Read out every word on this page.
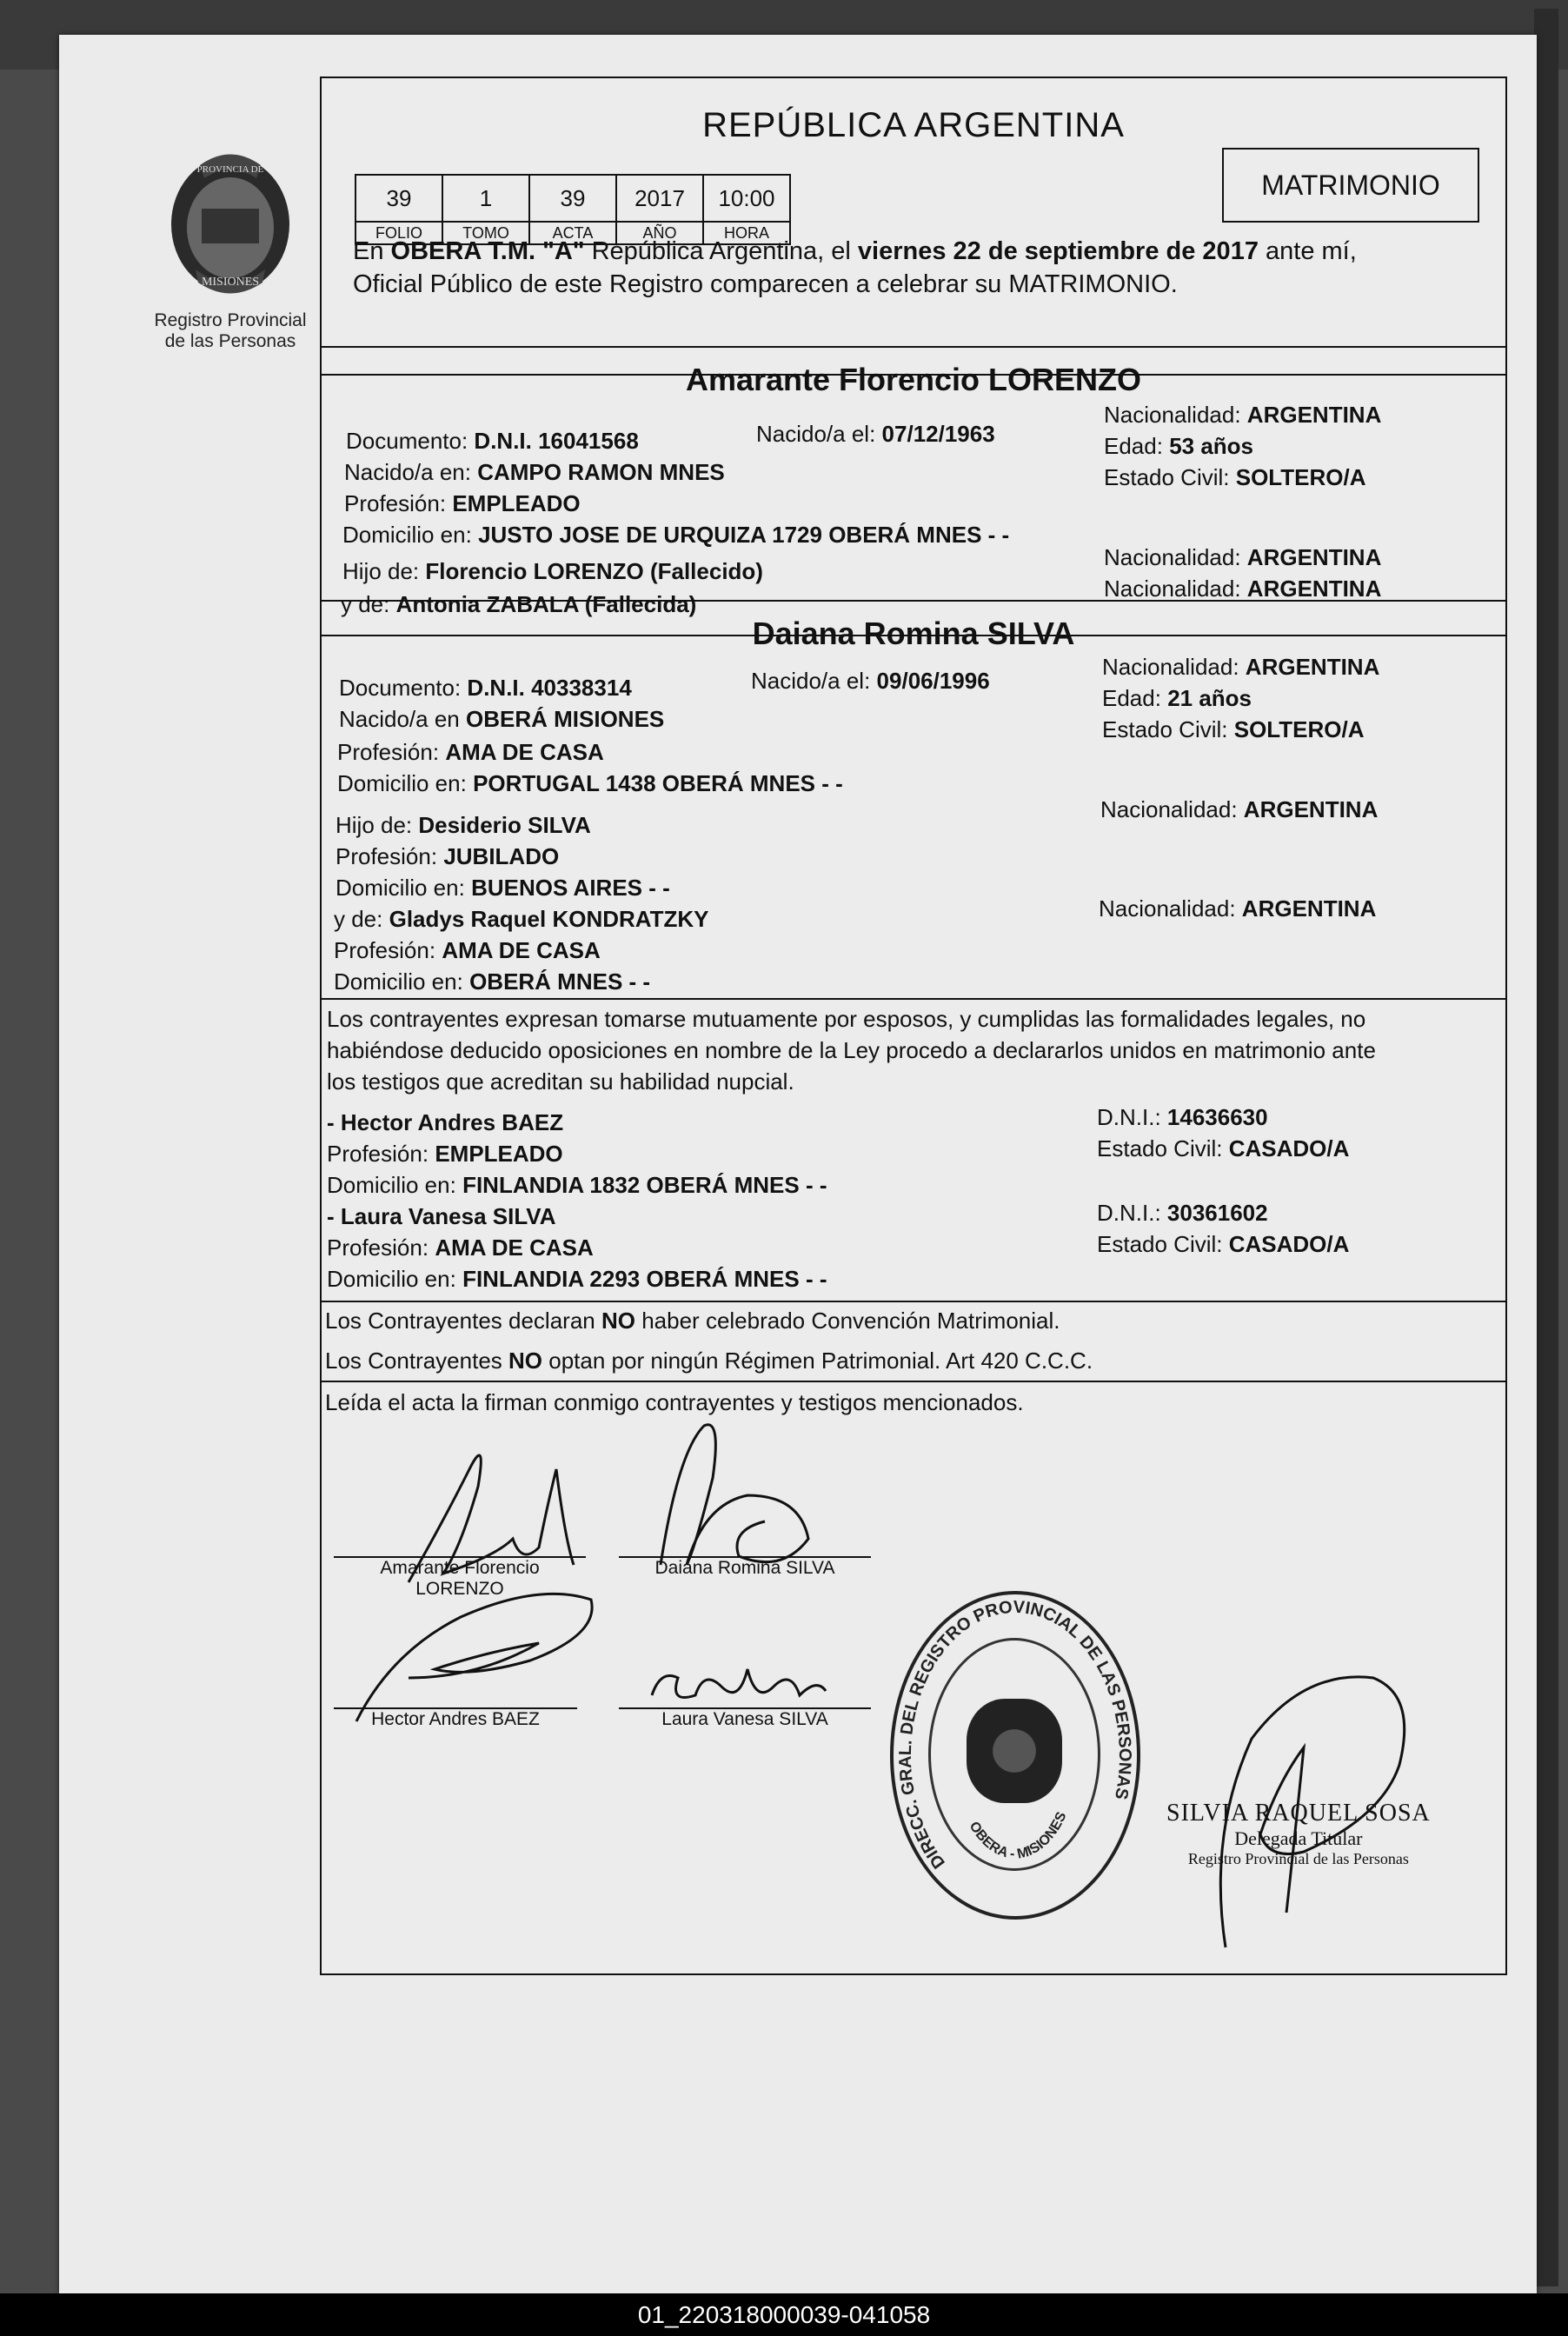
PROVINCIA DE
MISIONES
Registro Provincial
de las Personas
REPÚBLICA ARGENTINA
MATRIMONIO
39	1	39	2017	10:00
FOLIO	TOMO	ACTA	AÑO	HORA
En OBERA T.M. "A" República Argentina, el viernes 22 de septiembre de 2017 ante mí,
Oficial Público de este Registro comparecen a celebrar su MATRIMONIO.
Amarante Florencio LORENZO
Documento: D.N.I. 16041568	Nacido/a el: 07/12/1963
Nacionalidad: ARGENTINA
Edad: 53 años
Estado Civil: SOLTERO/A
Nacido/a en: CAMPO RAMON MNES
Profesión: EMPLEADO
Domicilio en: JUSTO JOSE DE URQUIZA 1729 OBERÁ MNES - -
Hijo de: Florencio LORENZO (Fallecido)
Nacionalidad: ARGENTINA
y de: Antonia ZABALA (Fallecida)
Nacionalidad: ARGENTINA
Daiana Romina SILVA
Documento: D.N.I. 40338314	Nacido/a el: 09/06/1996
Nacionalidad: ARGENTINA
Edad: 21 años
Estado Civil: SOLTERO/A
Nacido/a en OBERÁ MISIONES
Profesión: AMA DE CASA
Domicilio en: PORTUGAL 1438 OBERÁ MNES - -
Hijo de: Desiderio SILVA
Nacionalidad: ARGENTINA
Profesión: JUBILADO
Domicilio en: BUENOS AIRES - -
y de: Gladys Raquel KONDRATZKY	Nacionalidad: ARGENTINA
Profesión: AMA DE CASA
Domicilio en: OBERÁ MNES - -
Los contrayentes expresan tomarse mutuamente por esposos, y cumplidas las formalidades legales, no
habiéndose deducido oposiciones en nombre de la Ley procedo a declararlos unidos en matrimonio ante
los testigos que acreditan su habilidad nupcial.
- Hector Andres BAEZ
Profesión: EMPLEADO
Domicilio en: FINLANDIA 1832 OBERÁ MNES - -
D.N.I.: 14636630
Estado Civil: CASADO/A
- Laura Vanesa SILVA
Profesión: AMA DE CASA
Domicilio en: FINLANDIA 2293 OBERÁ MNES - -
D.N.I.: 30361602
Estado Civil: CASADO/A
Los Contrayentes declaran NO haber celebrado Convención Matrimonial.
Los Contrayentes NO optan por ningún Régimen Patrimonial. Art 420 C.C.C.
Leída el acta la firman conmigo contrayentes y testigos mencionados.
Amarante Florencio
LORENZO
Daiana Romina SILVA
Hector Andres BAEZ	Laura Vanesa SILVA
DIRECC. GRAL. DEL REGISTRO PROVINCIAL DE LAS PERSONAS
OBERA - MISIONES	SILVIA RAQUEL SOSA
Delegada Titular
Registro Provincial de las Personas
01_220318000039-041058
